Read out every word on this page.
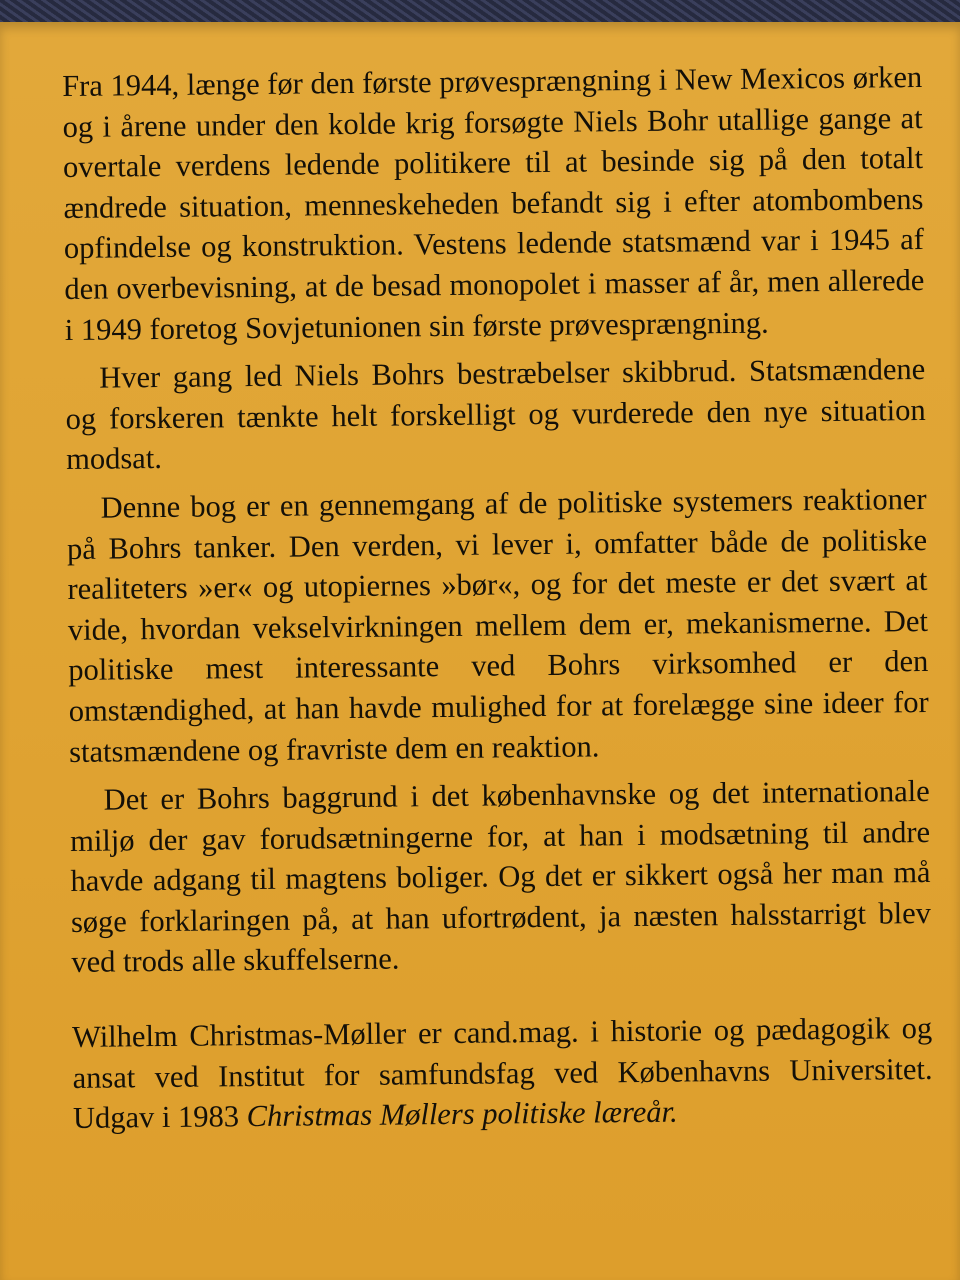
Fra 1944, længe før den første prøvesprængning i New Mexicos ørken og i årene under den kolde krig forsøgte Niels Bohr utallige gange at overtale verdens ledende politikere til at besinde sig på den totalt ændrede situation, menneskeheden befandt sig i efter atombombens opfindelse og konstruktion. Vestens ledende statsmænd var i 1945 af den overbevisning, at de besad monopolet i masser af år, men allerede i 1949 foretog Sovjetunionen sin første prøvesprængning.

Hver gang led Niels Bohrs bestræbelser skibbrud. Statsmændene og forskeren tænkte helt forskelligt og vurderede den nye situation modsat.

Denne bog er en gennemgang af de politiske systemers reaktioner på Bohrs tanker. Den verden, vi lever i, omfatter både de politiske realiteters »er« og utopiernes »bør«, og for det meste er det svært at vide, hvordan vekselvirkningen mellem dem er, mekanismerne. Det politiske mest interessante ved Bohrs virksomhed er den omstændighed, at han havde mulighed for at forelægge sine ideer for statsmændene og fravriste dem en reaktion.

Det er Bohrs baggrund i det københavnske og det internationale miljø der gav forudsætningerne for, at han i modsætning til andre havde adgang til magtens boliger. Og det er sikkert også her man må søge forklaringen på, at han ufortrødent, ja næsten halsstarrigt blev ved trods alle skuffelserne.

Wilhelm Christmas-Møller er cand.mag. i historie og pædagogik og ansat ved Institut for samfundsfag ved Københavns Universitet. Udgav i 1983 Christmas Møllers politiske læreår.
